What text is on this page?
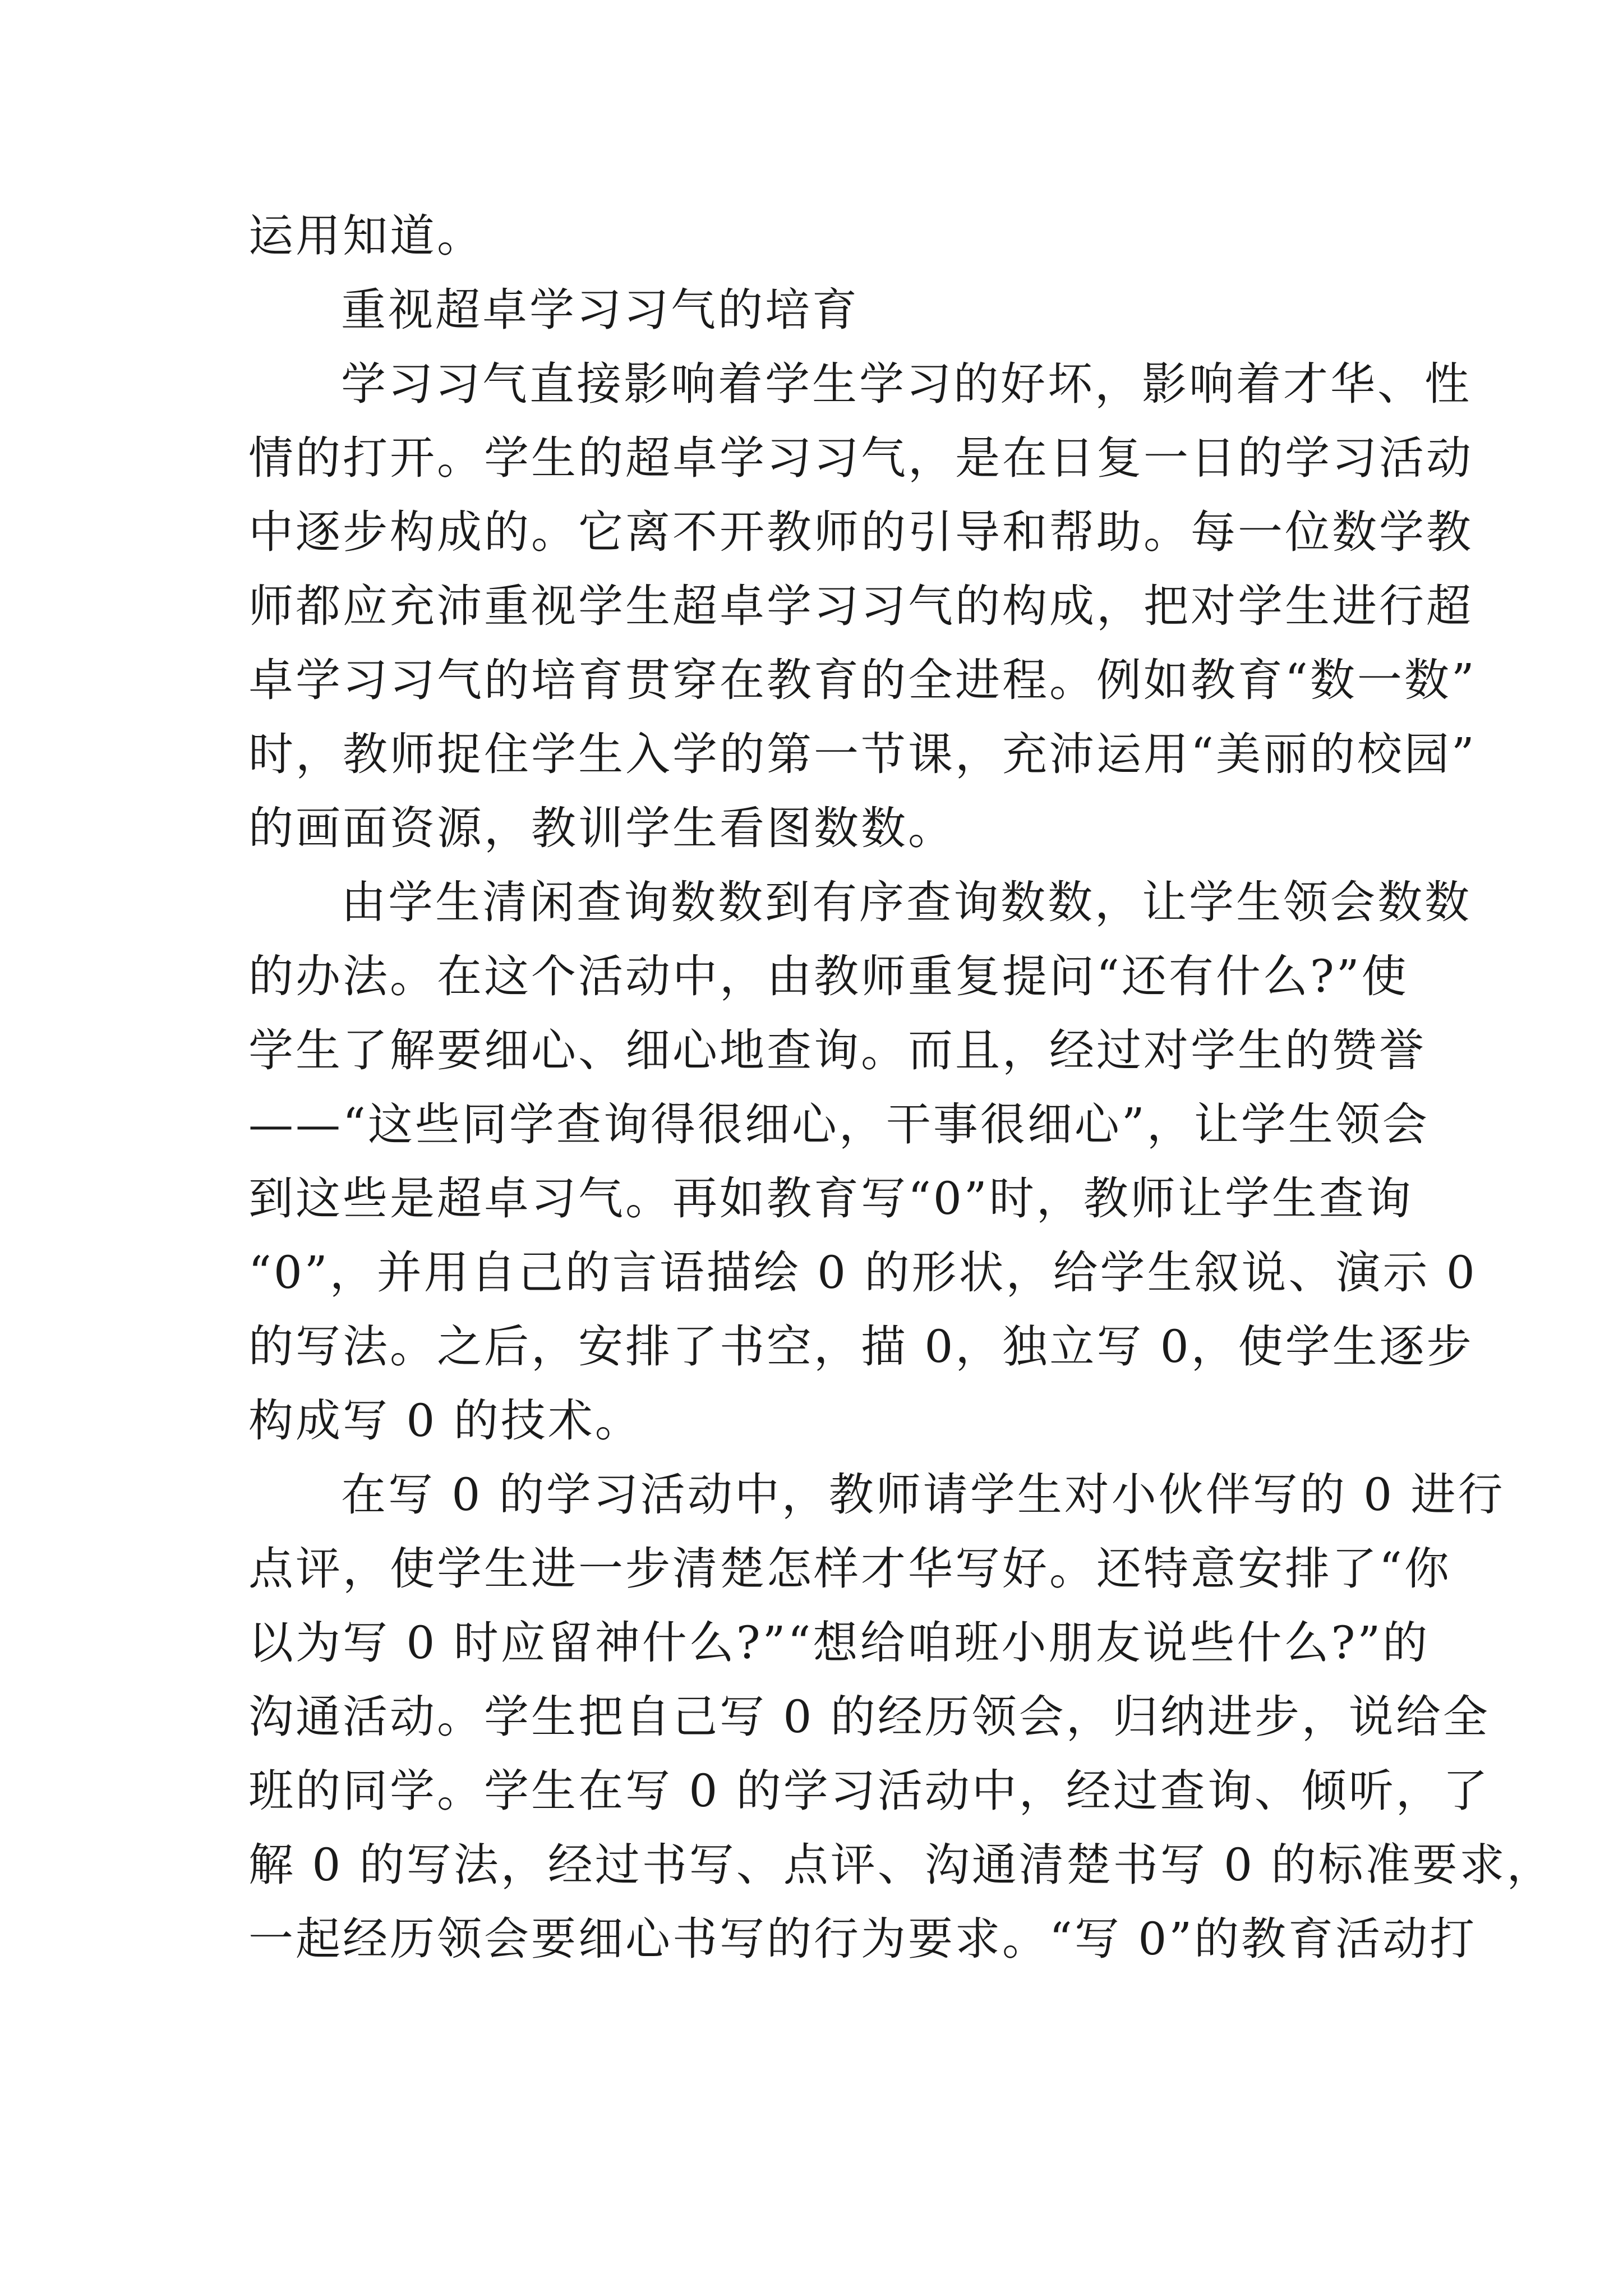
运用知道。
重视超卓学习习气的培育
学习习气直接影响着学生学习的好坏，影响着才华、性
情的打开。学生的超卓学习习气，是在日复一日的学习活动
中逐步构成的。它离不开教师的引导和帮助。每一位数学教
师都应充沛重视学生超卓学习习气的构成，把对学生进行超
卓学习习气的培育贯穿在教育的全进程。例如教育“数一数”
时，教师捉住学生入学的第一节课，充沛运用“美丽的校园”
的画面资源，教训学生看图数数。
由学生清闲查询数数到有序查询数数，让学生领会数数
的办法。在这个活动中，由教师重复提问“还有什么?”使
学生了解要细心、细心地查询。而且，经过对学生的赞誉
——“这些同学查询得很细心，干事很细心”，让学生领会
到这些是超卓习气。再如教育写“0”时，教师让学生查询
“0”，并用自己的言语描绘 0 的形状，给学生叙说、演示 0
的写法。之后，安排了书空，描 0，独立写 0，使学生逐步
构成写 0 的技术。
在写 0 的学习活动中，教师请学生对小伙伴写的 0 进行
点评，使学生进一步清楚怎样才华写好。还特意安排了“你
以为写 0 时应留神什么?”“想给咱班小朋友说些什么?”的
沟通活动。学生把自己写 0 的经历领会，归纳进步，说给全
班的同学。学生在写 0 的学习活动中，经过查询、倾听，了
解 0 的写法，经过书写、点评、沟通清楚书写 0 的标准要求，
一起经历领会要细心书写的行为要求。“写 0”的教育活动打
